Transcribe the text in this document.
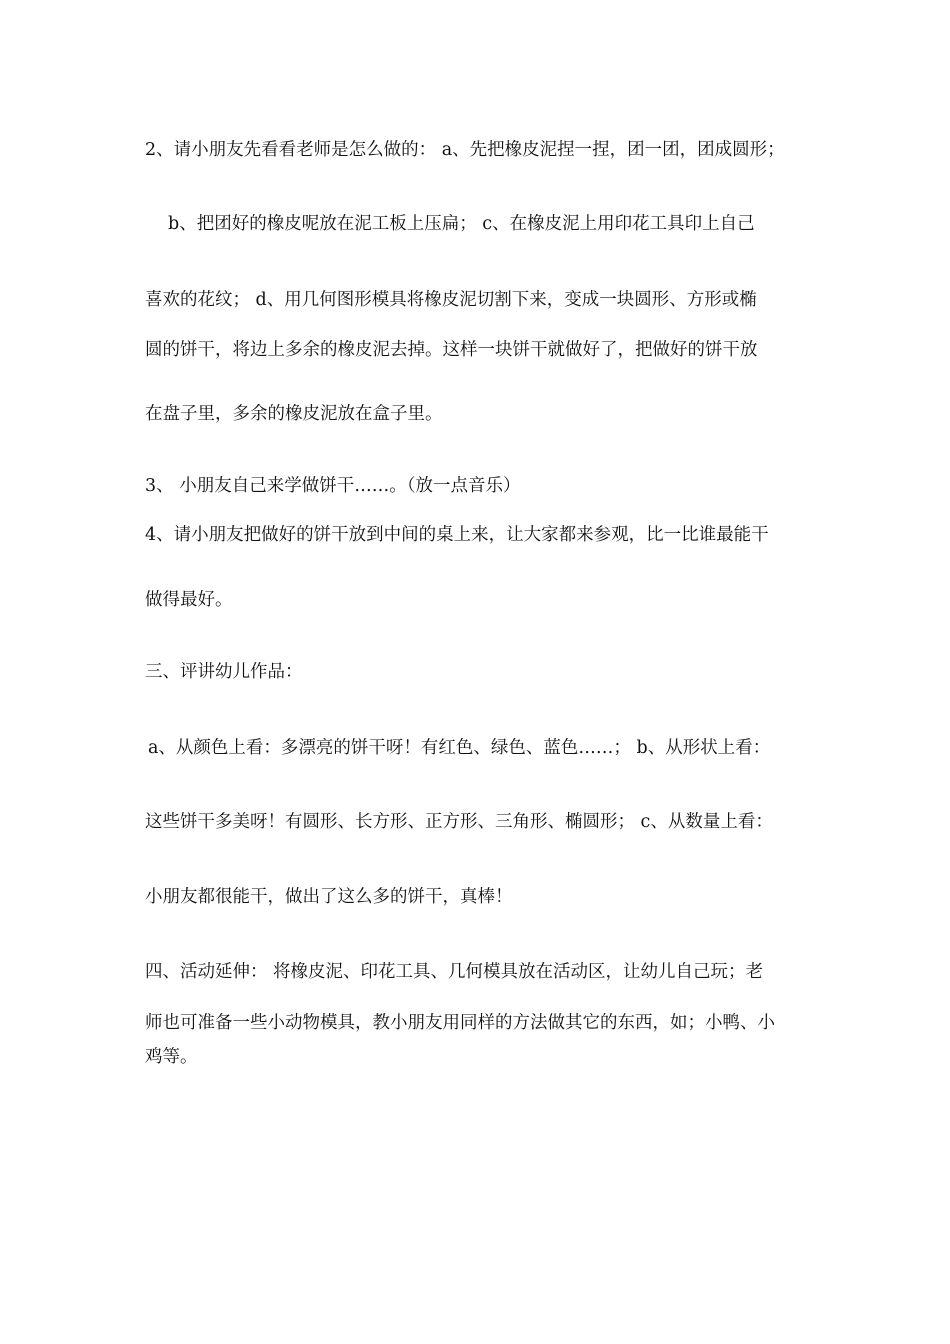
2、请小朋友先看看老师是怎么做的： a、先把橡皮泥捏一捏，团一团，团成圆形；
b、把团好的橡皮呢放在泥工板上压扁； c、在橡皮泥上用印花工具印上自己
喜欢的花纹； d、用几何图形模具将橡皮泥切割下来，变成一块圆形、方形或椭
圆的饼干，将边上多余的橡皮泥去掉。这样一块饼干就做好了，把做好的饼干放
在盘子里，多余的橡皮泥放在盒子里。
3、 小朋友自己来学做饼干……。（放一点音乐）
4、请小朋友把做好的饼干放到中间的桌上来，让大家都来参观，比一比谁最能干
做得最好。
三、评讲幼儿作品：
a、从颜色上看：多漂亮的饼干呀！有红色、绿色、蓝色……； b、从形状上看：
这些饼干多美呀！有圆形、长方形、正方形、三角形、椭圆形； c、从数量上看：
小朋友都很能干，做出了这么多的饼干，真棒！
四、活动延伸： 将橡皮泥、印花工具、几何模具放在活动区，让幼儿自己玩；老
师也可准备一些小动物模具，教小朋友用同样的方法做其它的东西，如；小鸭、小
鸡等。
